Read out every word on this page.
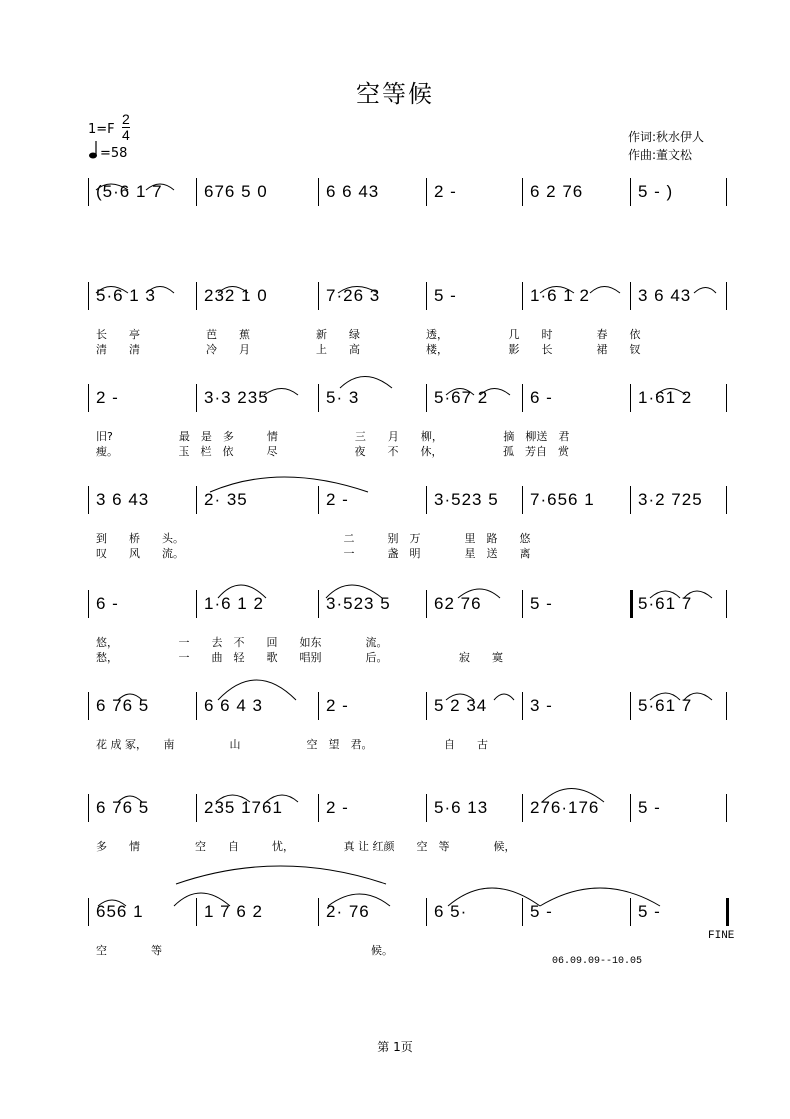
空等候
$1=F \frac{2}{4}$
=58
作词:秋水伊人
作曲:董文松
(5·6 1 7 676 5 0	6 6 43	2 -	6 2 76	5 - )
5·6 1 3	232 1 0	7·26 3	5 -	1·6 1 2	3 6 43
长　　亭　　　　　　芭　　蕉　　　　　　新　　绿　　　　　　透，　　　　　　几　　时　　　　春　　依
清　　清　　　　　　冷　　月　　　　　　上　　高　　　　　　楼，　　　　　　影　　长　　　　裙　　钗
2 -	3·3 235	5· 3	5·67 2 6 -	1·61 2
旧?　　　　　　最　是　多　　　情　　　　　　　三　　月　　柳，　　　　　　摘　柳送　君
瘦。　　　　　　玉　栏　依　　　尽　　　　　　　夜　　不　　休，　　　　　　孤　芳自　赏
3 6 43	2· 35	2 -	3·523 5 7·656 1	3·2 725
到　　桥　　头。　　　　　　　　　　　　　　　二　　　别　万　　　　里　路　　悠
叹　　风　　流。　　　　　　　　　　　　　　　一　　　盏　明　　　　星　送　　离
6 -	1·6 1 2	3·523 5	62 76	5 -	5·61 7
悠，　　　　　　一　　去　不　　回　　如东　　　　流。
愁，　　　　　　一　　曲　轻　　歌　　唱别　　　　后。　　　　　　　寂　　寞
6 76 5	6 6 4 3	2 -	5 2 34	3 -	5·61 7
花 成 冢，　　南　　　　　山　　　　　　空　望　君。　　　　　　　自　　古
6 76 5	235 1761	2 -	5·6 13 276·176 5 -
多　　情　　　　　空　　自　　　忧，　　　　　真 让 红颜　　空　等　　　　候，
656 1	1 7 6 2	2· 76	6 5·	5 -	5 -
空　　　　等　　　　　　　　　　　　　　　　　　　候。
FINE
06.09.09--10.05
第 1页
